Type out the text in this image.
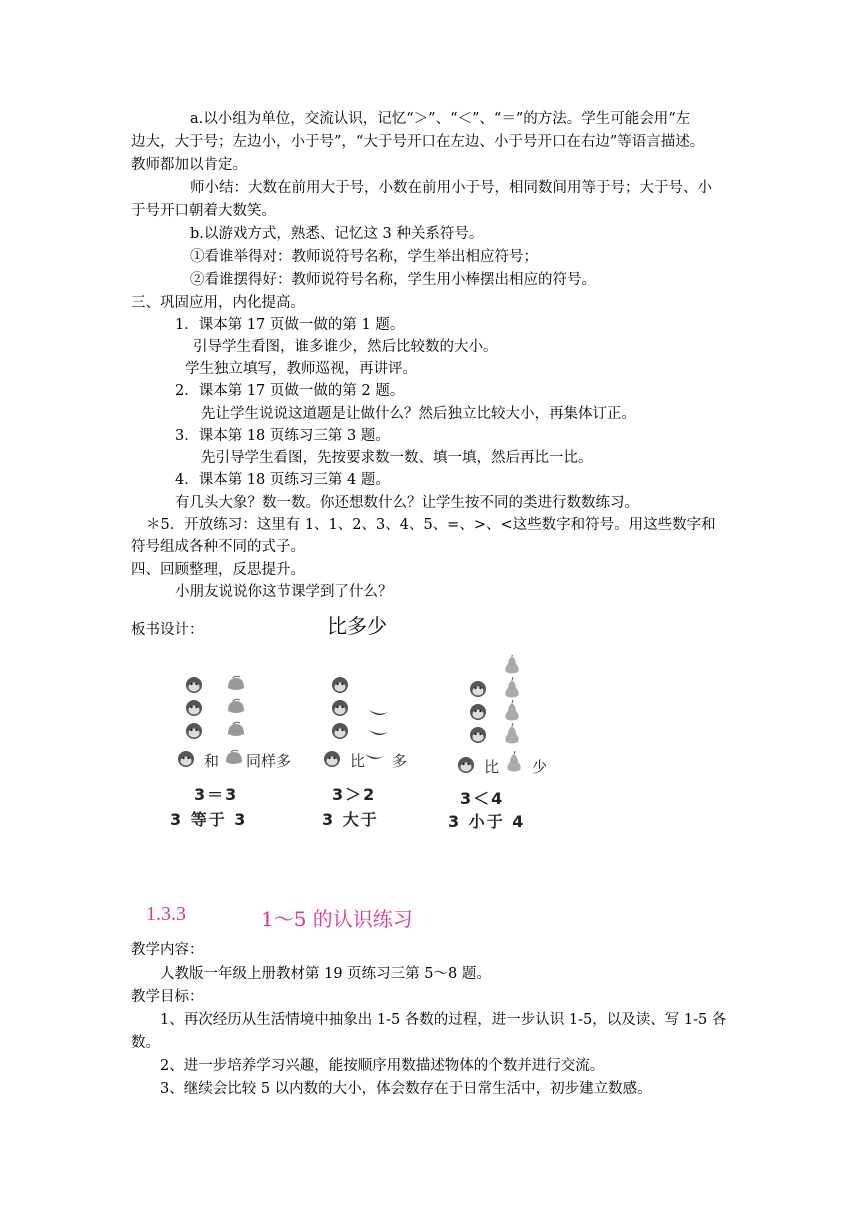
a.以小组为单位，交流认识，记忆“＞”、“＜”、“＝”的方法。学生可能会用“左
边大，大于号；左边小，小于号”，“大于号开口在左边、小于号开口在右边”等语言描述。
教师都加以肯定。
师小结：大数在前用大于号，小数在前用小于号，相同数间用等于号；大于号、小
于号开口朝着大数笑。
b.以游戏方式，熟悉、记忆这 3 种关系符号。
①看谁举得对：教师说符号名称，学生举出相应符号；
②看谁摆得好：教师说符号名称，学生用小棒摆出相应的符号。
三、巩固应用，内化提高。
1．课本第 17 页做一做的第 1 题。
引导学生看图，谁多谁少，然后比较数的大小。
学生独立填写，教师巡视，再讲评。
2．课本第 17 页做一做的第 2 题。
先让学生说说这道题是让做什么？然后独立比较大小，再集体订正。
3．课本第 18 页练习三第 3 题。
先引导学生看图，先按要求数一数、填一填，然后再比一比。
4．课本第 18 页练习三第 4 题。
有几头大象？数一数。你还想数什么？让学生按不同的类进行数数练习。
＊5．开放练习：这里有 1、1、2、3、4、5、=、>、<这些数字和符号。用这些数字和
符号组成各种不同的式子。
四、回顾整理，反思提升。
小朋友说说你这节课学到了什么？
板书设计：	比多少
和 同样多
3＝3
3 等于 3
比 多
3＞2
3 大于
比 少
3＜4
3 小于 4
1.3.3	1～5 的认识练习
教学内容：
人教版一年级上册教材第 19 页练习三第 5～8 题。
教学目标：
1、再次经历从生活情境中抽象出 1-5 各数的过程，进一步认识 1-5，以及读、写 1-5 各
数。
2、进一步培养学习兴趣，能按顺序用数描述物体的个数并进行交流。
3、继续会比较 5 以内数的大小，体会数存在于日常生活中，初步建立数感。
